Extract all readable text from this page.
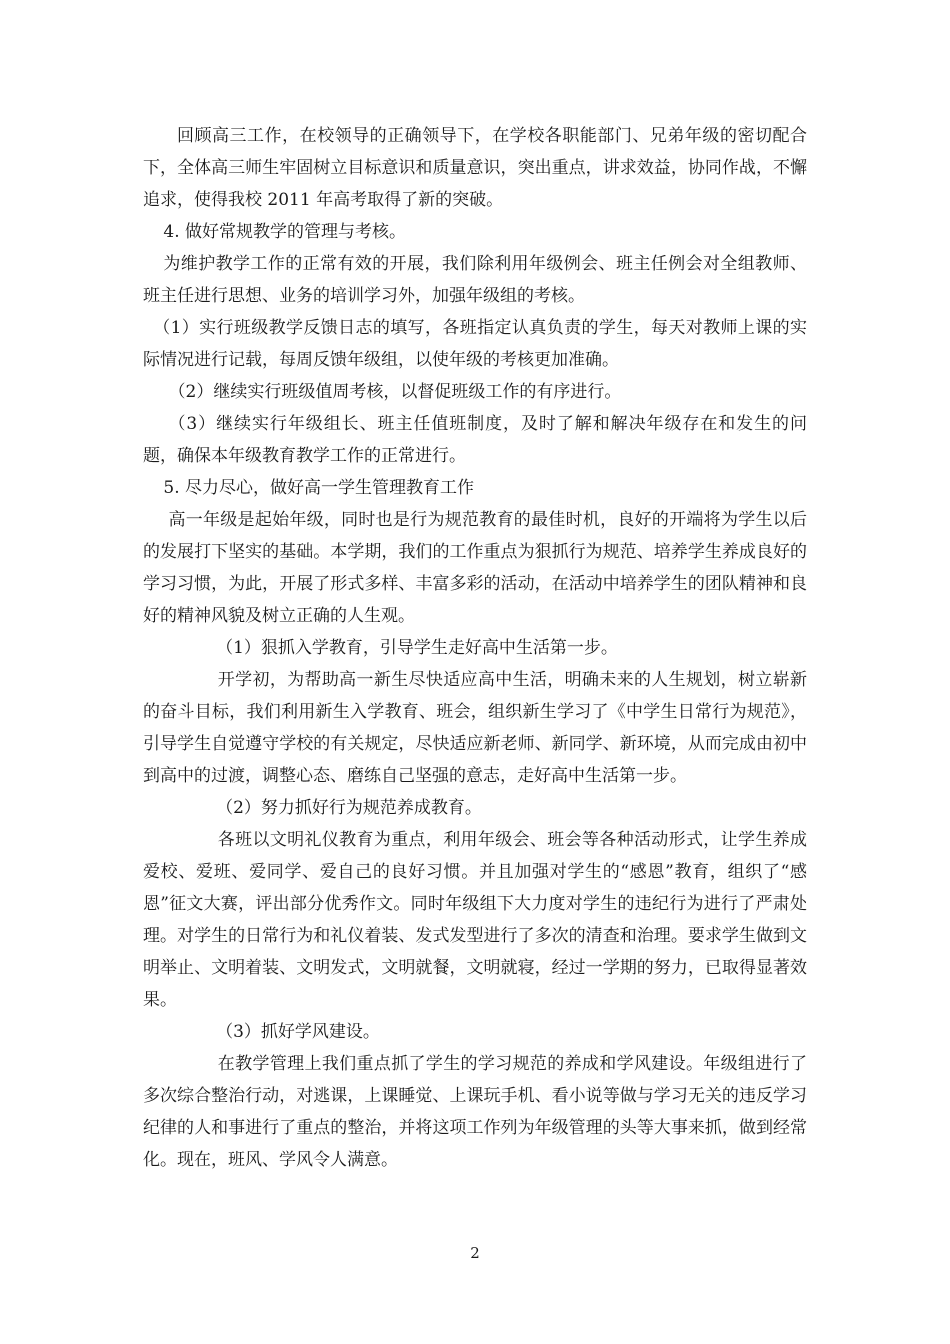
回顾高三工作，在校领导的正确领导下，在学校各职能部门、兄弟年级的密切配合下，全体高三师生牢固树立目标意识和质量意识，突出重点，讲求效益，协同作战，不懈追求，使得我校 2011 年高考取得了新的突破。

4. 做好常规教学的管理与考核。

为维护教学工作的正常有效的开展，我们除利用年级例会、班主任例会对全组教师、班主任进行思想、业务的培训学习外，加强年级组的考核。

（1）实行班级教学反馈日志的填写，各班指定认真负责的学生，每天对教师上课的实际情况进行记载，每周反馈年级组，以使年级的考核更加准确。

（2）继续实行班级值周考核，以督促班级工作的有序进行。

（3）继续实行年级组长、班主任值班制度，及时了解和解决年级存在和发生的问题，确保本年级教育教学工作的正常进行。

5. 尽力尽心，做好高一学生管理教育工作

高一年级是起始年级，同时也是行为规范教育的最佳时机，良好的开端将为学生以后的发展打下坚实的基础。本学期，我们的工作重点为狠抓行为规范、培养学生养成良好的学习习惯，为此，开展了形式多样、丰富多彩的活动，在活动中培养学生的团队精神和良好的精神风貌及树立正确的人生观。

（1）狠抓入学教育，引导学生走好高中生活第一步。

开学初，为帮助高一新生尽快适应高中生活，明确未来的人生规划，树立崭新的奋斗目标，我们利用新生入学教育、班会，组织新生学习了《中学生日常行为规范》，引导学生自觉遵守学校的有关规定，尽快适应新老师、新同学、新环境，从而完成由初中到高中的过渡，调整心态、磨练自己坚强的意志，走好高中生活第一步。

（2）努力抓好行为规范养成教育。

各班以文明礼仪教育为重点，利用年级会、班会等各种活动形式，让学生养成爱校、爱班、爱同学、爱自己的良好习惯。并且加强对学生的“感恩”教育，组织了“感恩”征文大赛，评出部分优秀作文。同时年级组下大力度对学生的违纪行为进行了严肃处理。对学生的日常行为和礼仪着装、发式发型进行了多次的清查和治理。要求学生做到文明举止、文明着装、文明发式，文明就餐，文明就寝，经过一学期的努力，已取得显著效果。

（3）抓好学风建设。

在教学管理上我们重点抓了学生的学习规范的养成和学风建设。年级组进行了多次综合整治行动，对逃课，上课睡觉、上课玩手机、看小说等做与学习无关的违反学习纪律的人和事进行了重点的整治，并将这项工作列为年级管理的头等大事来抓，做到经常化。现在，班风、学风令人满意。

2
